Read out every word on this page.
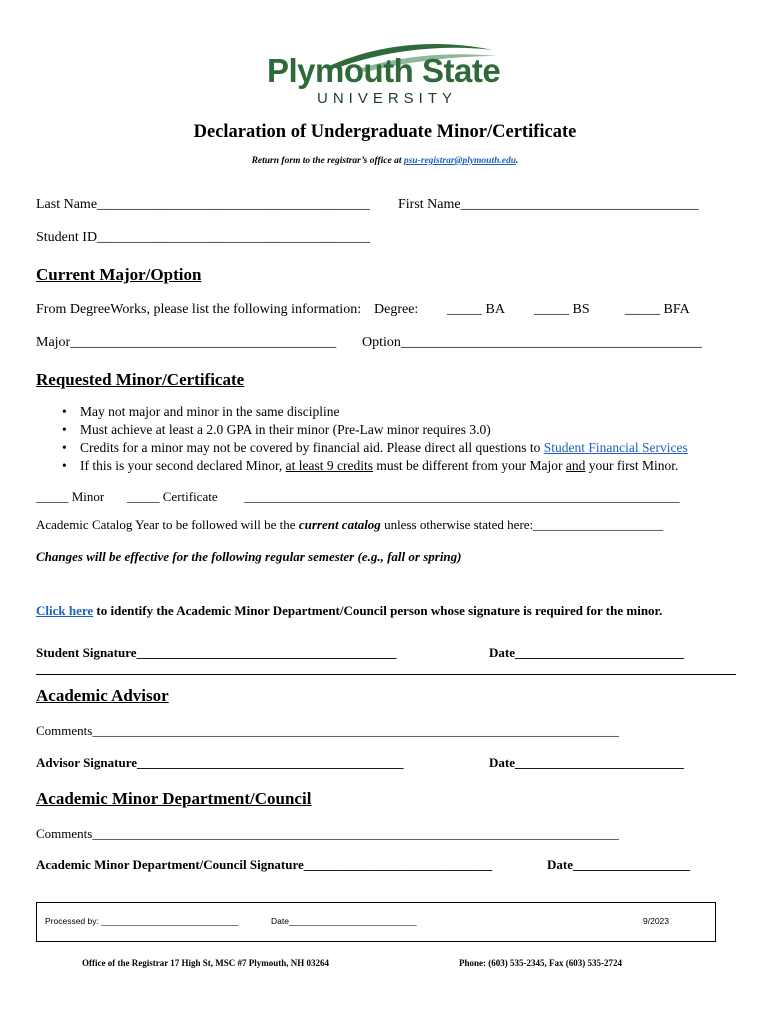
Plymouth State
UNIVERSITY
Declaration of Undergraduate Minor/Certificate
Return form to the registrar’s office at psu-registrar@plymouth.edu.
Last Name_______________________________________ First Name__________________________________
Student ID_______________________________________
Current Major/Option
From DegreeWorks, please list the following information: Degree: _____ BA _____ BS	_____ BFA
Major______________________________________ Option___________________________________________
Requested Minor/Certificate
• May not major and minor in the same discipline
• Must achieve at least a 2.0 GPA in their minor (Pre-Law minor requires 3.0)
• Credits for a minor may not be covered by financial aid. Please direct all questions to Student Financial Services
• If this is your second declared Minor, at least 9 credits must be different from your Major and your first Minor.
_____ Minor _____ Certificate ___________________________________________________________________
Academic Catalog Year to be followed will be the current catalog unless otherwise stated here:____________________
Changes will be effective for the following regular semester (e.g., fall or spring)
Click here to identify the Academic Minor Department/Council person whose signature is required for the minor.
Student Signature________________________________________	Date__________________________
Academic Advisor
Comments_________________________________________________________________________________
Advisor Signature_________________________________________	Date__________________________
Academic Minor Department/Council
Comments_________________________________________________________________________________
Academic Minor Department/Council Signature_____________________________	Date__________________
Processed by: _____________________________	Date___________________________	9/2023
Office of the Registrar 17 High St, MSC #7 Plymouth, NH 03264	Phone: (603) 535-2345, Fax (603) 535-2724
